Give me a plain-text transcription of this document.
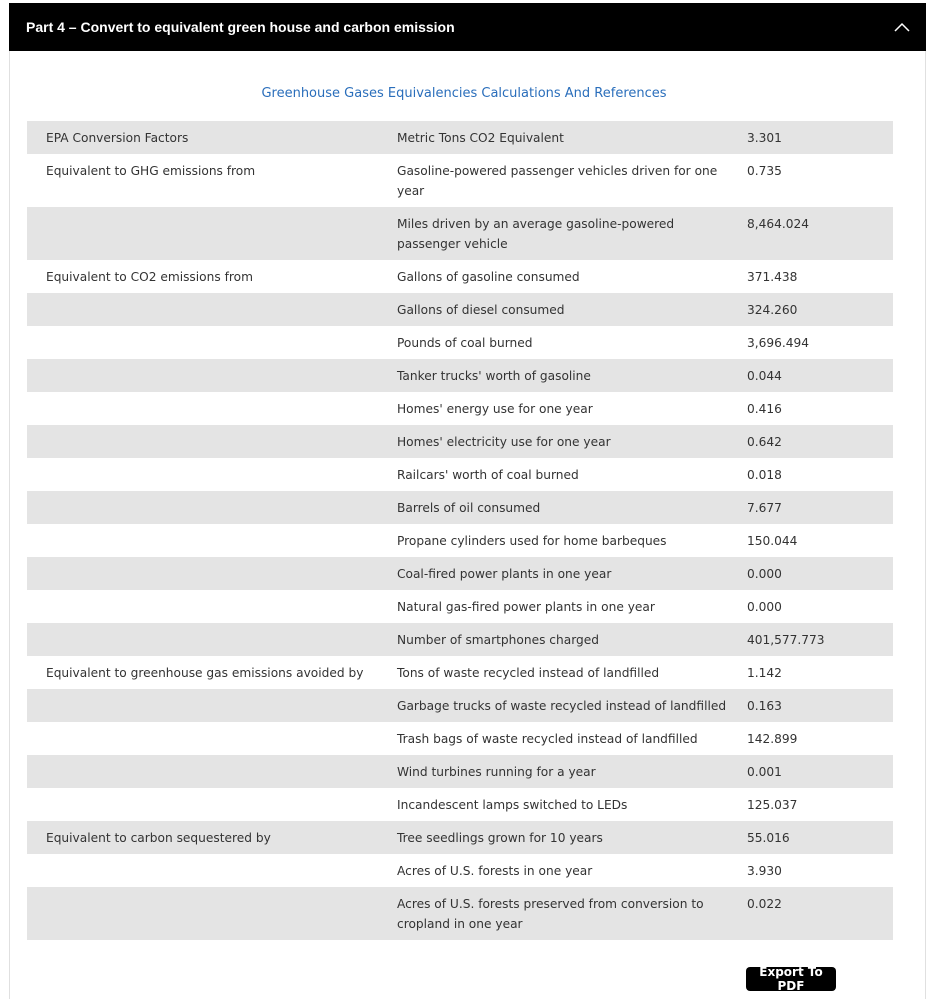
Part 4 – Convert to equivalent green house and carbon emission
Greenhouse Gases Equivalencies Calculations And References
EPA Conversion Factors	Metric Tons CO2 Equivalent	3.301
Equivalent to GHG emissions from	Gasoline-powered passenger vehicles driven for one year	0.735
	Miles driven by an average gasoline-powered passenger vehicle	8,464.024
Equivalent to CO2 emissions from	Gallons of gasoline consumed	371.438
	Gallons of diesel consumed	324.260
	Pounds of coal burned	3,696.494
	Tanker trucks' worth of gasoline	0.044
	Homes' energy use for one year	0.416
	Homes' electricity use for one year	0.642
	Railcars' worth of coal burned	0.018
	Barrels of oil consumed	7.677
	Propane cylinders used for home barbeques	150.044
	Coal-fired power plants in one year	0.000
	Natural gas-fired power plants in one year	0.000
	Number of smartphones charged	401,577.773
Equivalent to greenhouse gas emissions avoided by	Tons of waste recycled instead of landfilled	1.142
	Garbage trucks of waste recycled instead of landfilled	0.163
	Trash bags of waste recycled instead of landfilled	142.899
	Wind turbines running for a year	0.001
	Incandescent lamps switched to LEDs	125.037
Equivalent to carbon sequestered by	Tree seedlings grown for 10 years	55.016
	Acres of U.S. forests in one year	3.930
	Acres of U.S. forests preserved from conversion to cropland in one year	0.022
Export To PDF
